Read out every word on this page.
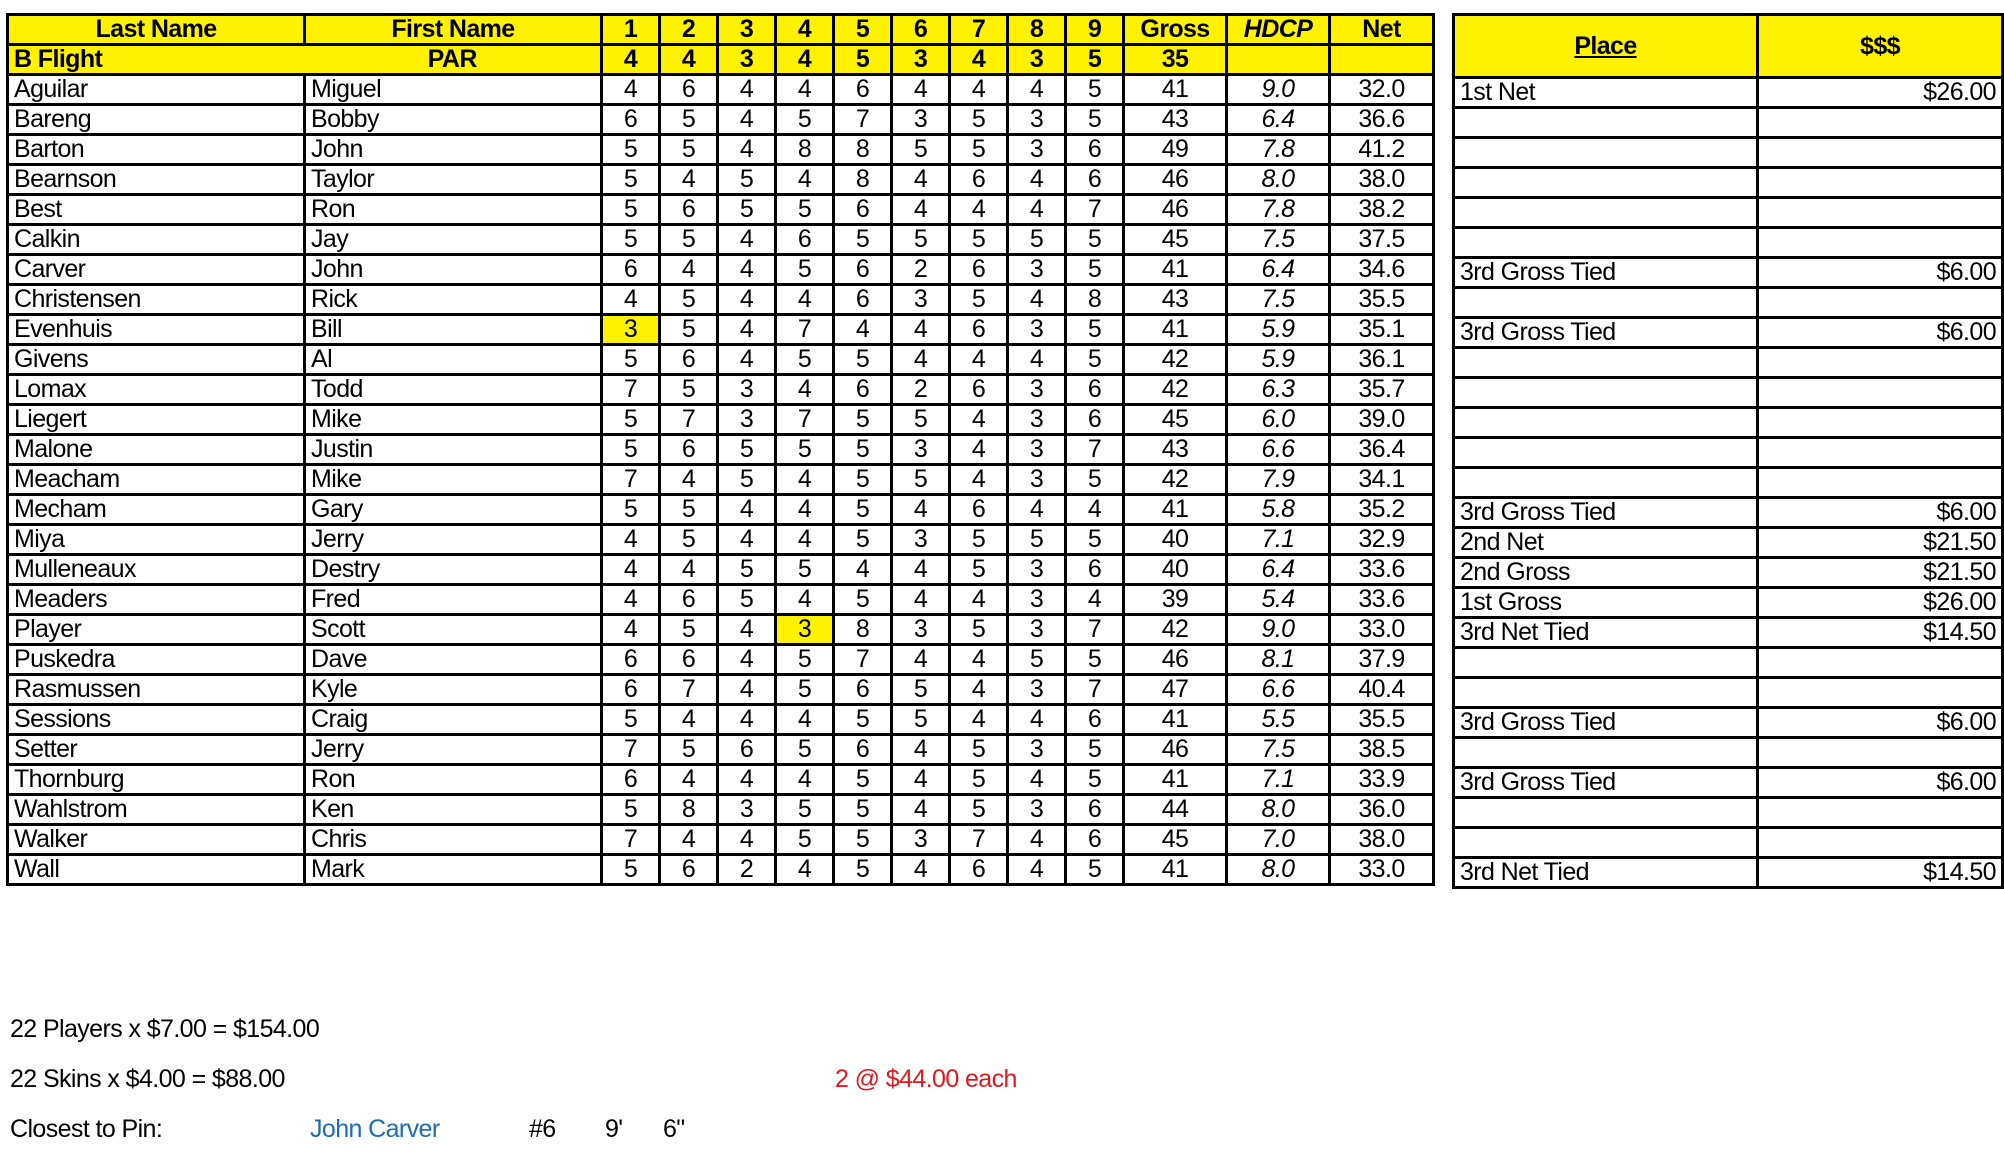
Last Name	First Name	1	2	3	4	5	6	7	8	9	Gross	HDCP	Net
B Flight	PAR	4	4	3	4	5	3	4	3	5	35		
Aguilar	Miguel	4	6	4	4	6	4	4	4	5	41	9.0	32.0
Bareng	Bobby	6	5	4	5	7	3	5	3	5	43	6.4	36.6
Barton	John	5	5	4	8	8	5	5	3	6	49	7.8	41.2
Bearnson	Taylor	5	4	5	4	8	4	6	4	6	46	8.0	38.0
Best	Ron	5	6	5	5	6	4	4	4	7	46	7.8	38.2
Calkin	Jay	5	5	4	6	5	5	5	5	5	45	7.5	37.5
Carver	John	6	4	4	5	6	2	6	3	5	41	6.4	34.6
Christensen	Rick	4	5	4	4	6	3	5	4	8	43	7.5	35.5
Evenhuis	Bill	3	5	4	7	4	4	6	3	5	41	5.9	35.1
Givens	Al	5	6	4	5	5	4	4	4	5	42	5.9	36.1
Lomax	Todd	7	5	3	4	6	2	6	3	6	42	6.3	35.7
Liegert	Mike	5	7	3	7	5	5	4	3	6	45	6.0	39.0
Malone	Justin	5	6	5	5	5	3	4	3	7	43	6.6	36.4
Meacham	Mike	7	4	5	4	5	5	4	3	5	42	7.9	34.1
Mecham	Gary	5	5	4	4	5	4	6	4	4	41	5.8	35.2
Miya	Jerry	4	5	4	4	5	3	5	5	5	40	7.1	32.9
Mulleneaux	Destry	4	4	5	5	4	4	5	3	6	40	6.4	33.6
Meaders	Fred	4	6	5	4	5	4	4	3	4	39	5.4	33.6
Player	Scott	4	5	4	3	8	3	5	3	7	42	9.0	33.0
Puskedra	Dave	6	6	4	5	7	4	4	5	5	46	8.1	37.9
Rasmussen	Kyle	6	7	4	5	6	5	4	3	7	47	6.6	40.4
Sessions	Craig	5	4	4	4	5	5	4	4	6	41	5.5	35.5
Setter	Jerry	7	5	6	5	6	4	5	3	5	46	7.5	38.5
Thornburg	Ron	6	4	4	4	5	4	5	4	5	41	7.1	33.9
Wahlstrom	Ken	5	8	3	5	5	4	5	3	6	44	8.0	36.0
Walker	Chris	7	4	4	5	5	3	7	4	6	45	7.0	38.0
Wall	Mark	5	6	2	4	5	4	6	4	5	41	8.0	33.0
Place	$$$

1st Net	$26.00

3rd Gross Tied	$6.00

3rd Gross Tied	$6.00

3rd Gross Tied	$6.00
2nd Net	$21.50
2nd Gross	$21.50
1st Gross	$26.00
3rd Net Tied	$14.50

3rd Gross Tied	$6.00

3rd Gross Tied	$6.00

3rd Net Tied	$14.50
22 Players x $7.00 = $154.00
22 Skins x $4.00 = $88.00	2 @ $44.00 each
Closest to Pin:	John Carver	#6 9' 6"
